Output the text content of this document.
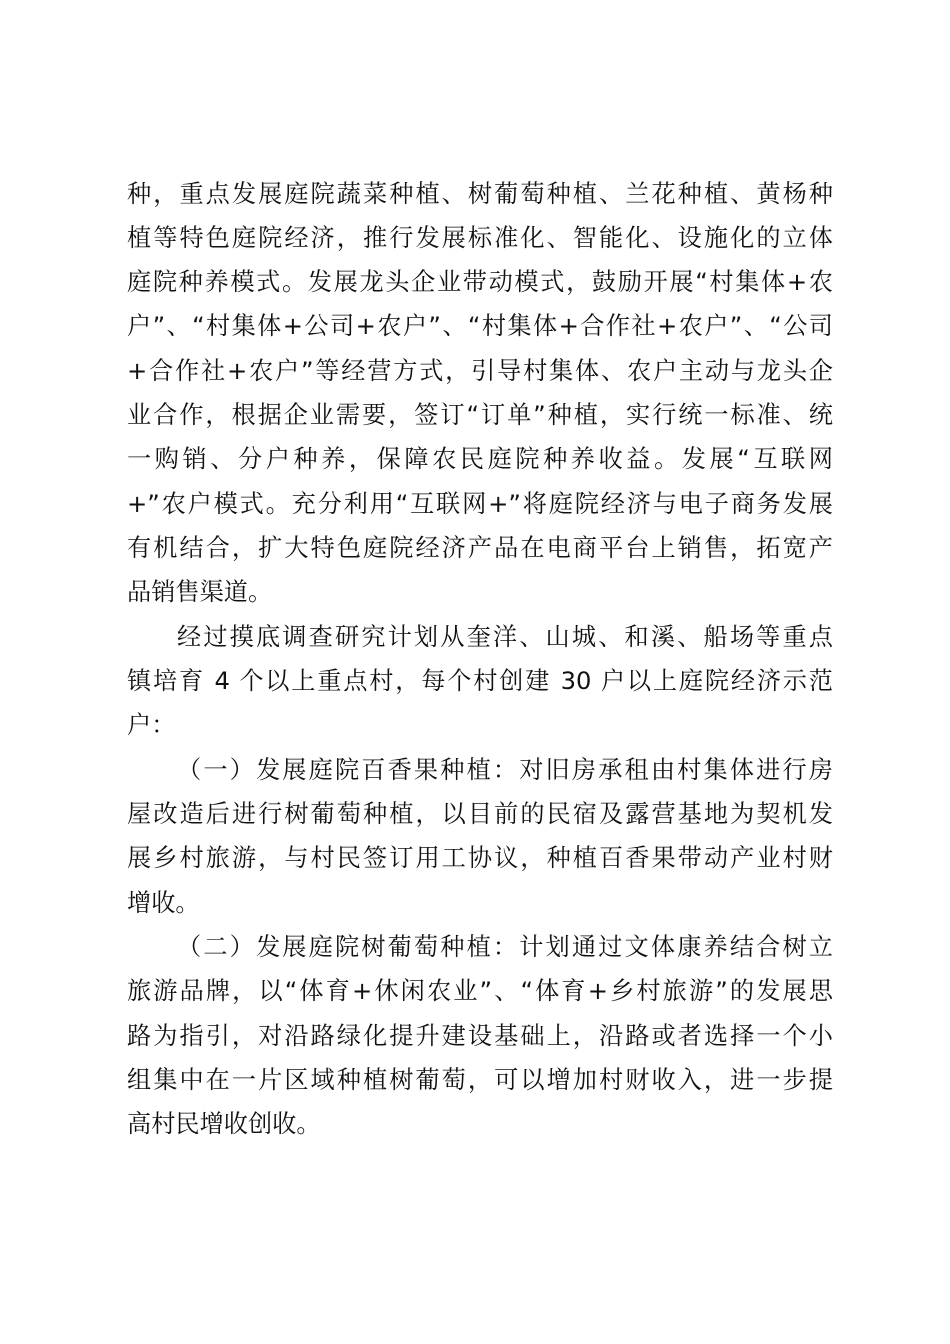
种，重点发展庭院蔬菜种植、树葡萄种植、兰花种植、黄杨种
植等特色庭院经济，推行发展标准化、智能化、设施化的立体
庭院种养模式。发展龙头企业带动模式，鼓励开展“村集体+农
户”、“村集体+公司+农户”、“村集体+合作社+农户”、“公司
+合作社+农户”等经营方式，引导村集体、农户主动与龙头企
业合作，根据企业需要，签订“订单”种植，实行统一标准、统
一购销、分户种养，保障农民庭院种养收益。发展“互联网
+”农户模式。充分利用“互联网+”将庭院经济与电子商务发展
有机结合，扩大特色庭院经济产品在电商平台上销售，拓宽产
品销售渠道。
经过摸底调查研究计划从奎洋、山城、和溪、船场等重点
镇培育 4 个以上重点村，每个村创建 30 户以上庭院经济示范
户：
（一）发展庭院百香果种植：对旧房承租由村集体进行房
屋改造后进行树葡萄种植，以目前的民宿及露营基地为契机发
展乡村旅游，与村民签订用工协议，种植百香果带动产业村财
增收。
（二）发展庭院树葡萄种植：计划通过文体康养结合树立
旅游品牌，以“体育+休闲农业”、“体育+乡村旅游”的发展思
路为指引，对沿路绿化提升建设基础上，沿路或者选择一个小
组集中在一片区域种植树葡萄，可以增加村财收入，进一步提
高村民增收创收。
